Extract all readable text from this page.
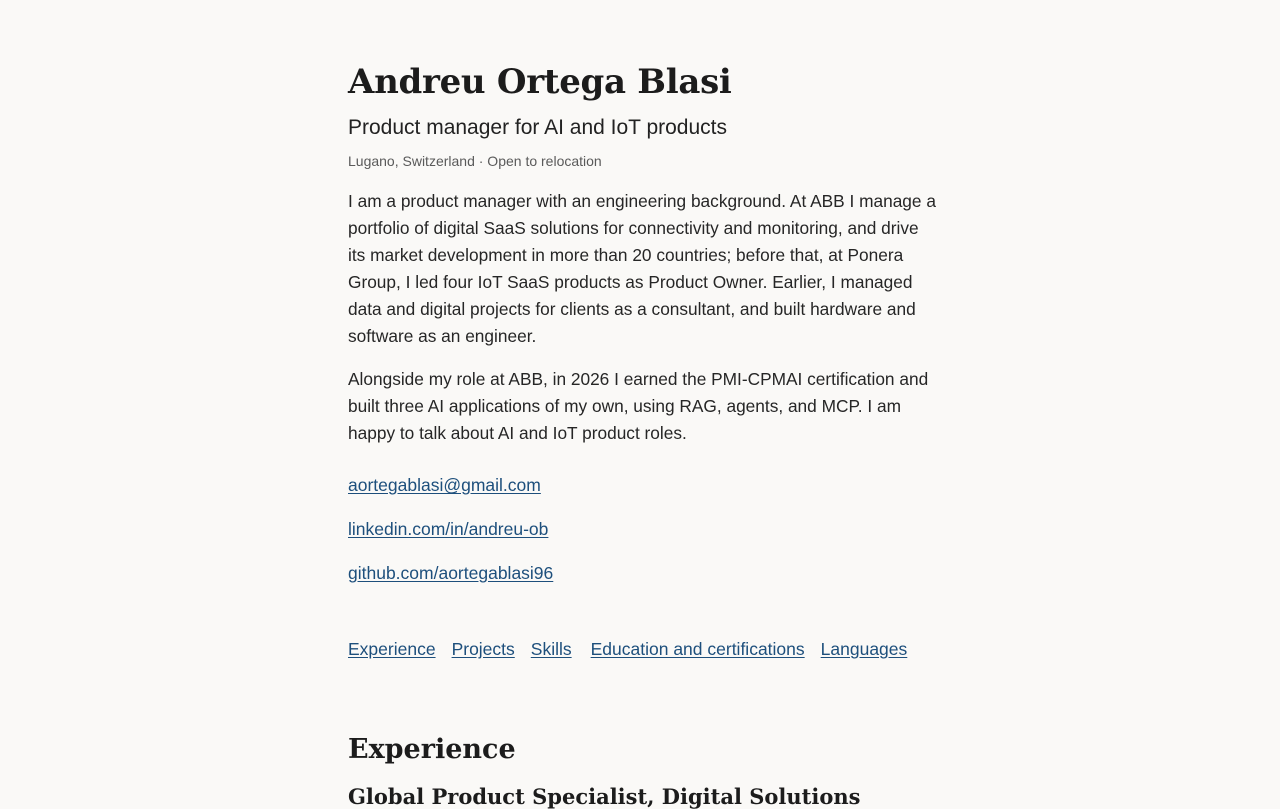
Andreu Ortega Blasi
Product manager for AI and IoT products

Lugano, Switzerland · Open to relocation

I am a product manager with an engineering background. At ABB I manage a portfolio of digital SaaS solutions for connectivity and monitoring, and drive its market development in more than 20 countries; before that, at Ponera Group, I led four IoT SaaS products as Product Owner. Earlier, I managed data and digital projects for clients as a consultant, and built hardware and software as an engineer.

Alongside my role at ABB, in 2026 I earned the PMI-CPMAI certification and built three AI applications of my own, using RAG, agents, and MCP. I am happy to talk about AI and IoT product roles.

aortegablasi@gmail.com
linkedin.com/in/andreu-ob
github.com/aortegablasi96
Experience Projects Skills Education and certifications Languages
Experience
Global Product Specialist, Digital Solutions
